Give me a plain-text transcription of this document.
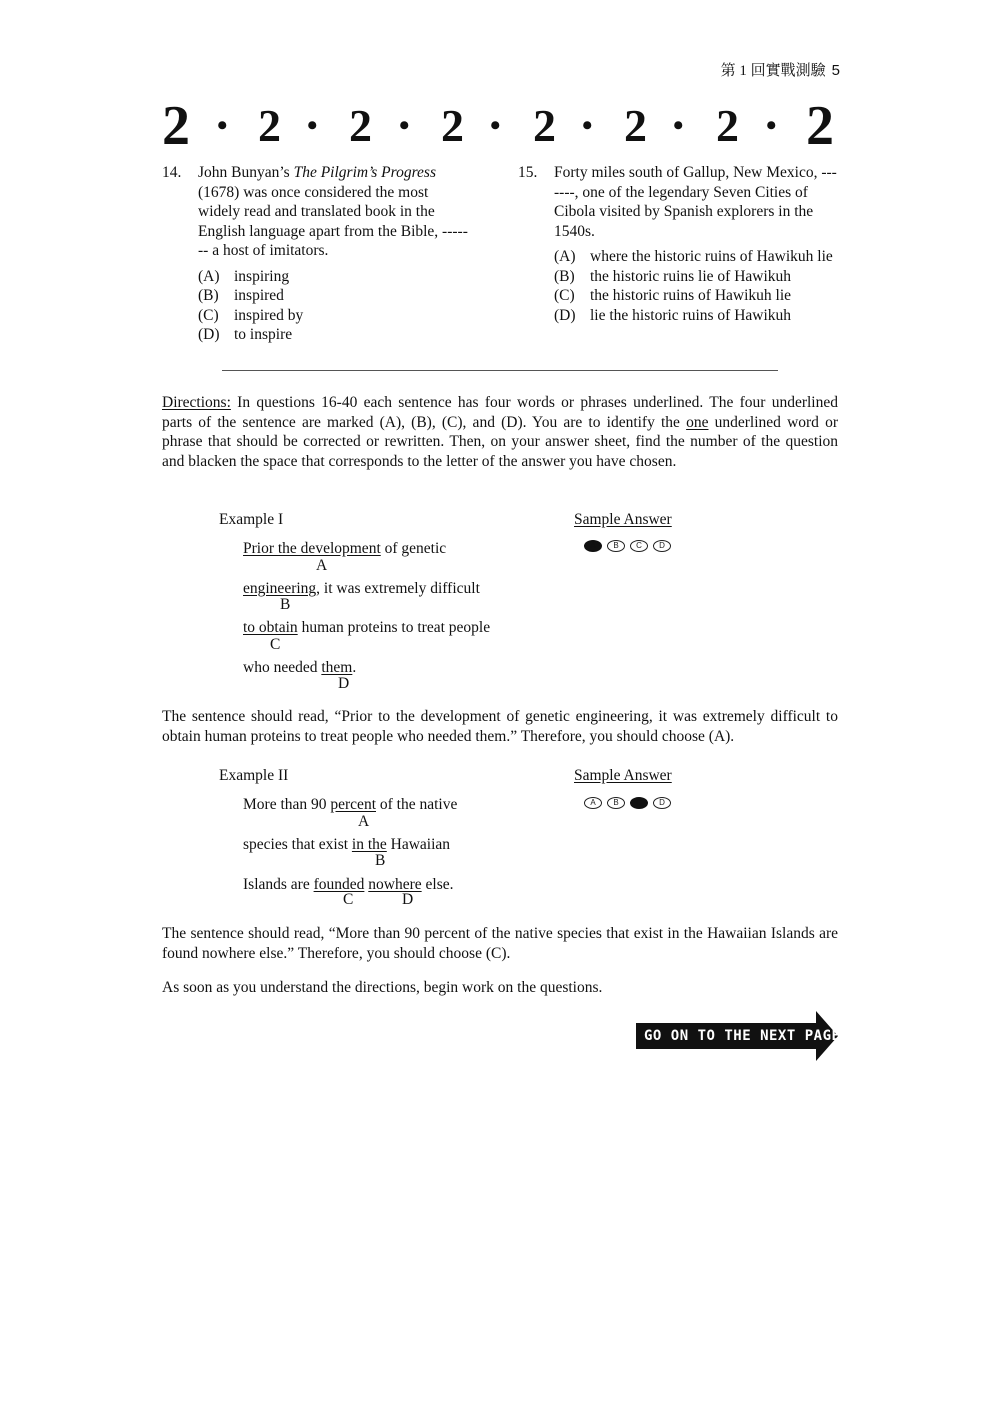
第 1 回實戰測驗 5
2 • 2 • 2 • 2 • 2 • 2 • 2 • 2
14. John Bunyan’s The Pilgrim’s Progress (1678) was once considered the most widely read and translated book in the English language apart from the Bible, ------- a host of imitators.
(A) inspiring
(B) inspired
(C) inspired by
(D) to inspire
15. Forty miles south of Gallup, New Mexico, -------, one of the legendary Seven Cities of Cibola visited by Spanish explorers in the 1540s.
(A) where the historic ruins of Hawikuh lie
(B) the historic ruins lie of Hawikuh
(C) the historic ruins of Hawikuh lie
(D) lie the historic ruins of Hawikuh
Directions: In questions 16-40 each sentence has four words or phrases underlined. The four underlined parts of the sentence are marked (A), (B), (C), and (D). You are to identify the one underlined word or phrase that should be corrected or rewritten. Then, on your answer sheet, find the number of the question and blacken the space that corresponds to the letter of the answer you have chosen.
Example I	Sample Answer
Prior the development of genetic
A
engineering, it was extremely difficult
B
to obtain human proteins to treat people
C
who needed them.
D
A	B	C	D
The sentence should read, “Prior to the development of genetic engineering, it was extremely difficult to obtain human proteins to treat people who needed them.” Therefore, you should choose (A).
Example II	Sample Answer
More than 90 percent of the native
A
species that exist in the Hawaiian
B
Islands are founded nowhere else.
C	D
A	B	C	D
The sentence should read, “More than 90 percent of the native species that exist in the Hawaiian Islands are found nowhere else.” Therefore, you should choose (C).
As soon as you understand the directions, begin work on the questions.
GO ON TO THE NEXT PAGE
